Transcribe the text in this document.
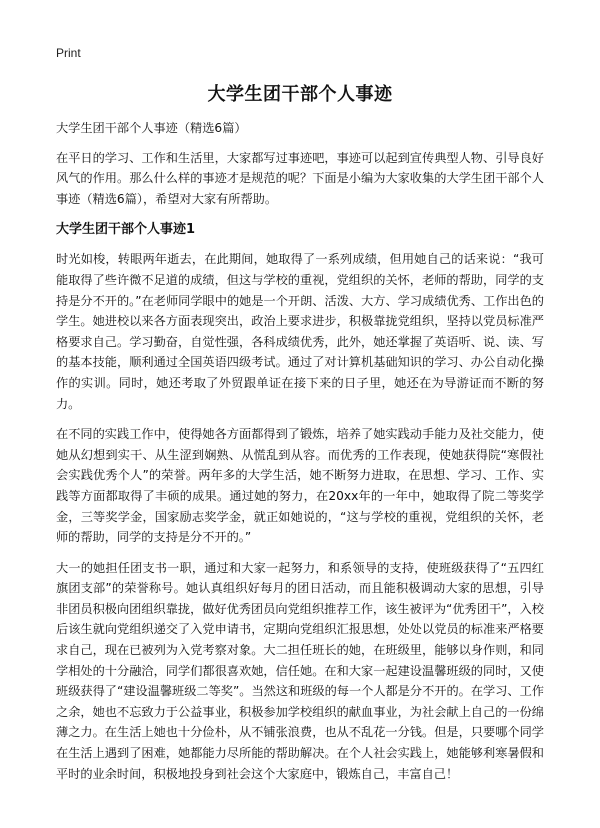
Print
大学生团干部个人事迹

大学生团干部个人事迹（精选6篇）

在平日的学习、工作和生活里，大家都写过事迹吧，事迹可以起到宣传典型人物、引导良好风气的作用。那么什么样的事迹才是规范的呢？下面是小编为大家收集的大学生团干部个人事迹（精选6篇），希望对大家有所帮助。

大学生团干部个人事迹1

时光如梭，转眼两年逝去，在此期间，她取得了一系列成绩，但用她自己的话来说：“我可能取得了些许微不足道的成绩，但这与学校的重视，党组织的关怀，老师的帮助，同学的支持是分不开的。”在老师同学眼中的她是一个开朗、活泼、大方、学习成绩优秀、工作出色的学生。她进校以来各方面表现突出，政治上要求进步，积极靠拢党组织，坚持以党员标准严格要求自己。学习勤奋，自觉性强，各科成绩优秀，此外，她还掌握了英语听、说、读、写的基本技能，顺利通过全国英语四级考试。通过了对计算机基础知识的学习、办公自动化操作的实训。同时，她还考取了外贸跟单证在接下来的日子里，她还在为导游证而不断的努力。

在不同的实践工作中，使得她各方面都得到了锻炼，培养了她实践动手能力及社交能力，使她从幻想到实干、从生涩到娴熟、从慌乱到从容。而优秀的工作表现，使她获得院“寒假社会实践优秀个人”的荣誉。两年多的大学生活，她不断努力进取，在思想、学习、工作、实践等方面都取得了丰硕的成果。通过她的努力，在20xx年的一年中，她取得了院二等奖学金，三等奖学金，国家励志奖学金，就正如她说的，“这与学校的重视，党组织的关怀，老师的帮助，同学的支持是分不开的。”

大一的她担任团支书一职，通过和大家一起努力，和系领导的支持，使班级获得了“五四红旗团支部”的荣誉称号。她认真组织好每月的团日活动，而且能积极调动大家的思想，引导非团员积极向团组织靠拢，做好优秀团员向党组织推荐工作，该生被评为“优秀团干”，入校后该生就向党组织递交了入党申请书，定期向党组织汇报思想，处处以党员的标准来严格要求自己，现在已被列为入党考察对象。大二担任班长的她，在班级里，能够以身作则，和同学相处的十分融洽，同学们都很喜欢她，信任她。在和大家一起建设温馨班级的同时，又使班级获得了“建设温馨班级二等奖”。当然这和班级的每一个人都是分不开的。在学习、工作之余，她也不忘致力于公益事业，积极参加学校组织的献血事业，为社会献上自己的一份绵薄之力。在生活上她也十分俭朴，从不铺张浪费，也从不乱花一分钱。但是，只要哪个同学在生活上遇到了困难，她都能力尽所能的帮助解决。在个人社会实践上，她能够利寒暑假和平时的业余时间，积极地投身到社会这个大家庭中，锻炼自己，丰富自己！
